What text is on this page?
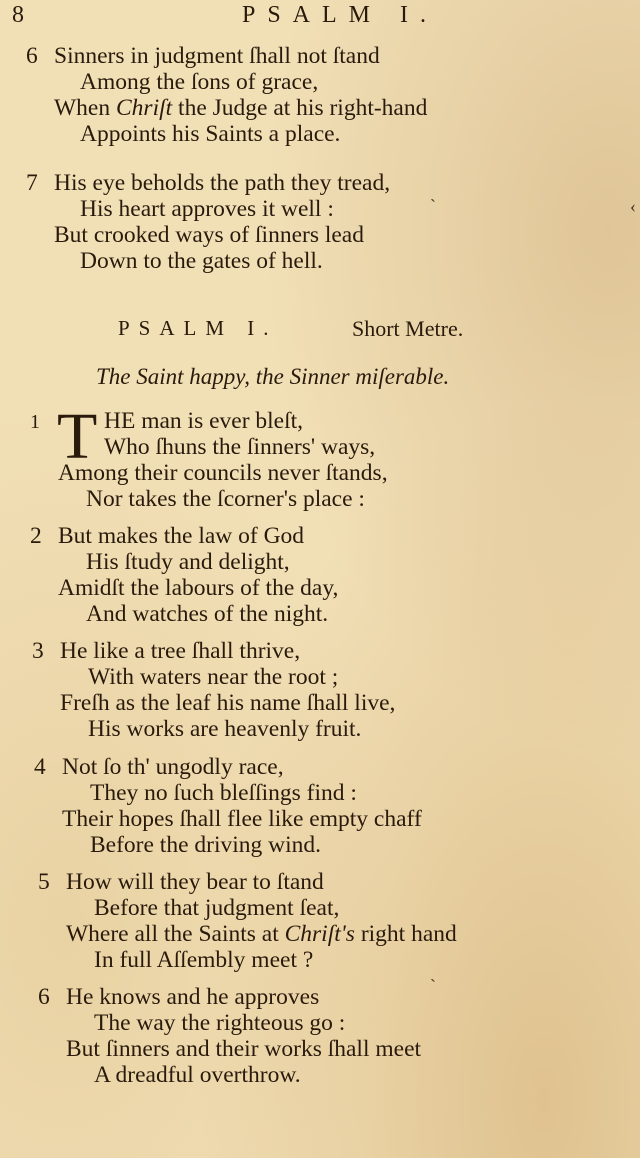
8	PSALM I.
6 Sinners in judgment ſhall not ſtand
Among the ſons of grace,
When Chriſt the Judge at his right-hand
Appoints his Saints a place.
7 His eye beholds the path they tread,
His heart approves it well :
But crooked ways of ſinners lead
Down to the gates of hell.
PSALM I.	Short Metre.
The Saint happy, the Sinner miſerable.
1 T HE man is ever bleſt,
Who ſhuns the ſinners' ways,
Among their councils never ſtands,
Nor takes the ſcorner's place :
2 But makes the law of God
His ſtudy and delight,
Amidſt the labours of the day,
And watches of the night.
3 He like a tree ſhall thrive,
With waters near the root ;
Freſh as the leaf his name ſhall live,
His works are heavenly fruit.
4 Not ſo th' ungodly race,
They no ſuch bleſſings find :
Their hopes ſhall flee like empty chaff
Before the driving wind.
5 How will they bear to ſtand
Before that judgment ſeat,
Where all the Saints at Chriſt's right hand
In full Aſſembly meet ?
6 He knows and he approves
The way the righteous go :
But ſinners and their works ſhall meet
A dreadful overthrow.
`	‹
`
